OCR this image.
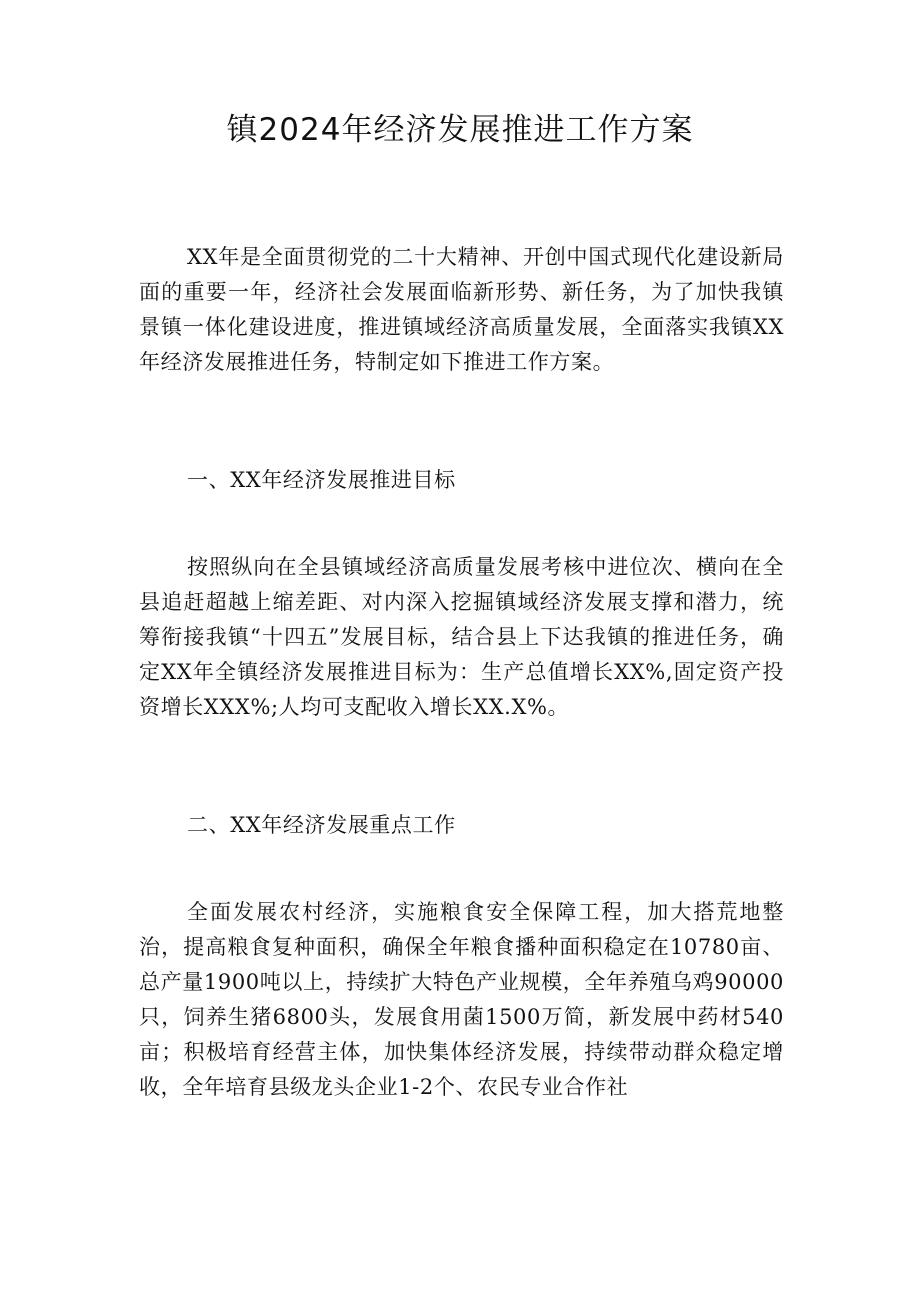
镇2024年经济发展推进工作方案

XX年是全面贯彻党的二十大精神、开创中国式现代化建设新局面的重要一年，经济社会发展面临新形势、新任务，为了加快我镇景镇一体化建设进度，推进镇域经济高质量发展，全面落实我镇XX年经济发展推进任务，特制定如下推进工作方案。

一、XX年经济发展推进目标

按照纵向在全县镇域经济高质量发展考核中进位次、横向在全县追赶超越上缩差距、对内深入挖掘镇域经济发展支撑和潜力，统筹衔接我镇“十四五”发展目标，结合县上下达我镇的推进任务，确定XX年全镇经济发展推进目标为：生产总值增长XX%,固定资产投资增长XXX%;人均可支配收入增长XX.X%。

二、XX年经济发展重点工作

全面发展农村经济，实施粮食安全保障工程，加大搭荒地整治，提高粮食复种面积，确保全年粮食播种面积稳定在10780亩、总产量1900吨以上，持续扩大特色产业规模，全年养殖乌鸡90000只，饲养生猪6800头，发展食用菌1500万简，新发展中药材540亩；积极培育经营主体，加快集体经济发展，持续带动群众稳定增收，全年培育县级龙头企业1-2个、农民专业合作社
